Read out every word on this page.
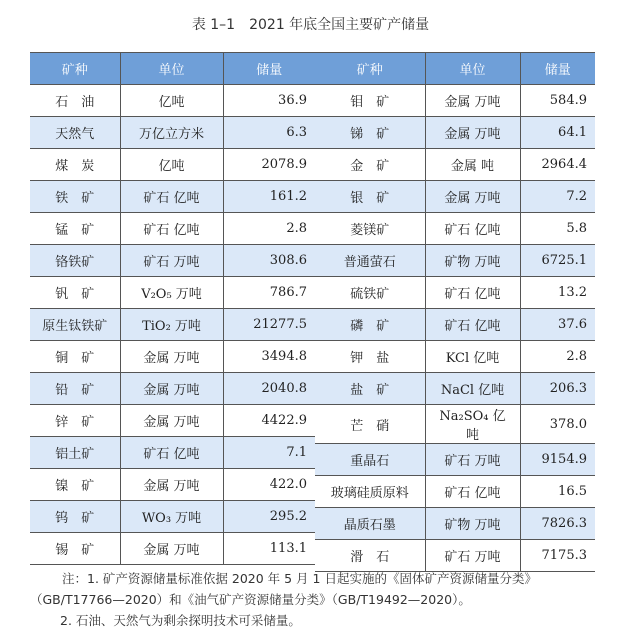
表 1–1　2021 年底全国主要矿产储量
矿种	单位	储量
石　油	亿吨	36.9
天然气	万亿立方米	6.3
煤　炭	亿吨	2078.9
铁　矿	矿石 亿吨	161.2
锰　矿	矿石 亿吨	2.8
铬铁矿	矿石 万吨	308.6
钒　矿	V₂O₅ 万吨	786.7
原生钛铁矿	TiO₂ 万吨	21277.5
铜　矿	金属 万吨	3494.8
铅　矿	金属 万吨	2040.8
锌　矿	金属 万吨	4422.9
铝土矿	矿石 亿吨	7.1
镍　矿	金属 万吨	422.0
钨　矿	WO₃ 万吨	295.2
锡　矿	金属 万吨	113.1
矿种	单位	储量
钼　矿	金属 万吨	584.9
锑　矿	金属 万吨	64.1
金　矿	金属 吨	2964.4
银　矿	金属 万吨	7.2
菱镁矿	矿石 亿吨	5.8
普通萤石	矿物 万吨	6725.1
硫铁矿	矿石 亿吨	13.2
磷　矿	矿石 亿吨	37.6
钾　盐	KCl 亿吨	2.8
盐　矿	NaCl 亿吨	206.3
芒　硝	Na₂SO₄ 亿吨	378.0
重晶石	矿石 万吨	9154.9
玻璃硅质原料	矿石 亿吨	16.5
晶质石墨	矿物 万吨	7826.3
滑　石	矿石 万吨	7175.3

注：1. 矿产资源储量标准依据 2020 年 5 月 1 日起实施的《固体矿产资源储量分类》（GB/T17766—2020）和《油气矿产资源储量分类》（GB/T19492—2020）。

2. 石油、天然气为剩余探明技术可采储量。
